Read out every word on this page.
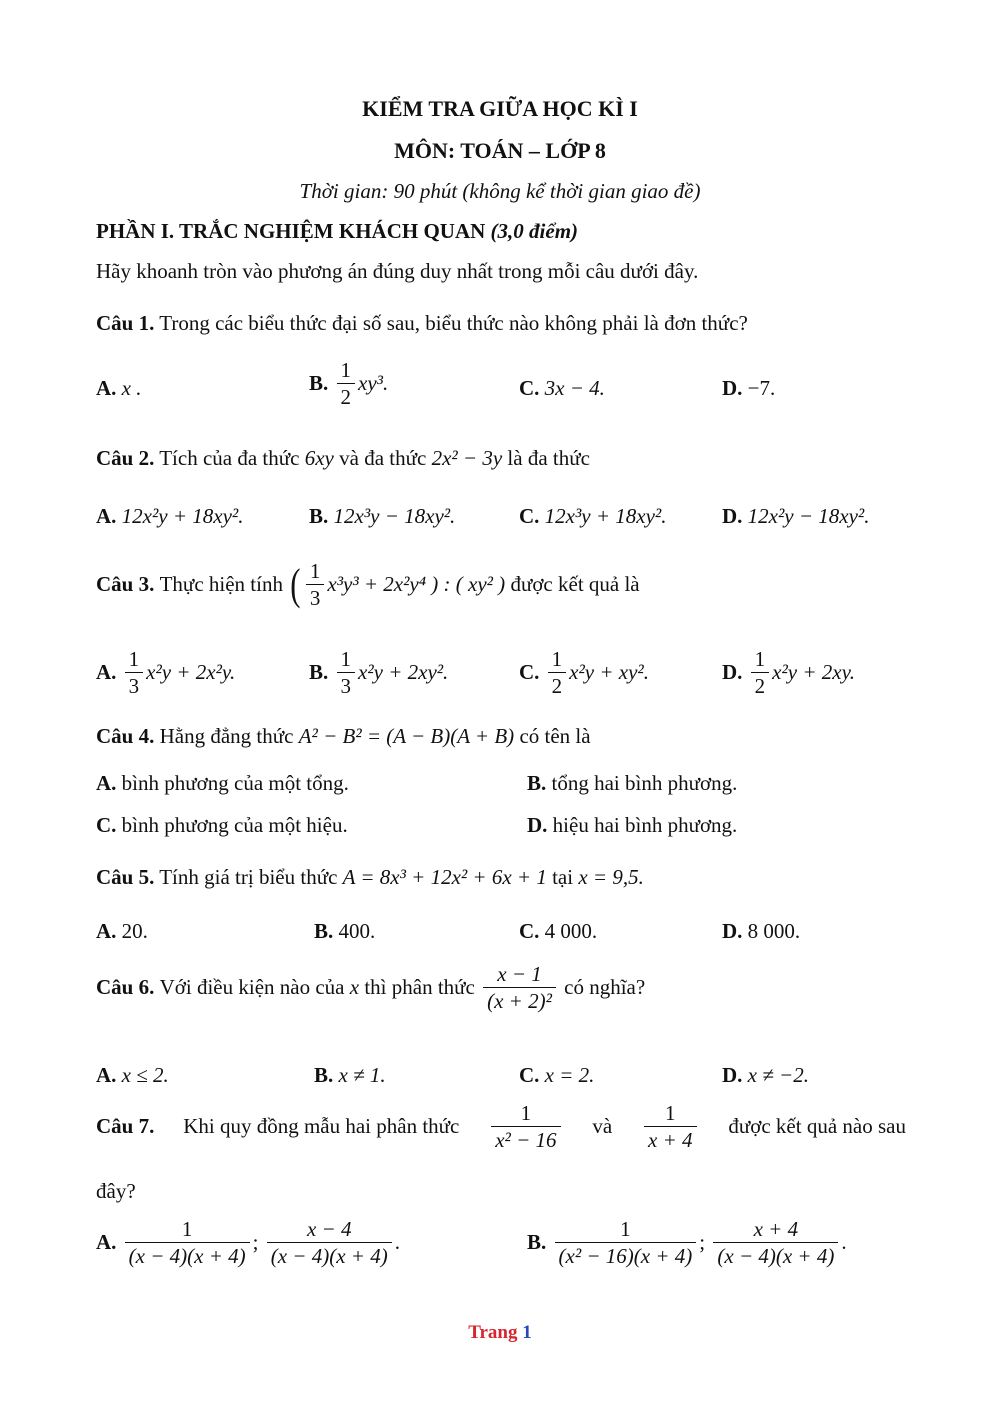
KIỂM TRA GIỮA HỌC KÌ I
MÔN: TOÁN – LỚP 8
Thời gian: 90 phút (không kể thời gian giao đề)
PHẦN I. TRẮC NGHIỆM KHÁCH QUAN (3,0 điểm)
Hãy khoanh tròn vào phương án đúng duy nhất trong mỗi câu dưới đây.
Câu 1. Trong các biểu thức đại số sau, biểu thức nào không phải là đơn thức?
A. x .	B. $\frac{1}{2} xy^3$.	C. 3x − 4.	D. −7.
Câu 2. Tích của đa thức 6xy và đa thức 2x² − 3y là đa thức
A. 12x²y + 18xy².	B. 12x³y − 18xy².	C. 12x³y + 18xy².	D. 12x²y − 18xy².
Câu 3. Thực hiện tính ( $\frac{1}{3} x^3y^3 + 2x^2y^4$ ) : ( xy² ) được kết quả là
A. $\frac{1}{3} x^2y + 2x^2y$.	B. $\frac{1}{3} x^2y + 2xy^2$.	C. $\frac{1}{2} x^2y + xy^2$.	D. $\frac{1}{2} x^2y + 2xy$.
Câu 4. Hằng đẳng thức A² − B² = (A − B)(A + B) có tên là
A. bình phương của một tổng.	B. tổng hai bình phương.
C. bình phương của một hiệu.	D. hiệu hai bình phương.
Câu 5. Tính giá trị biểu thức A = 8x³ + 12x² + 6x + 1 tại x = 9,5.
A. 20.	B. 400.	C. 4 000.	D. 8 000.
Câu 6. Với điều kiện nào của x thì phân thức $\frac{x - 1}{\text{(x + 2)²}}$ có nghĩa?
A. x ≤ 2.	B. x ≠ 1.	C. x = 2.	D. x ≠ −2.
Câu 7. Khi quy đồng mẫu hai phân thức $\frac{1}{\text{x² − 16}}$ và $\frac{1}{x + 4}$ được kết quả nào sau
đây?
A. $\frac{1}{(x - 4)(x + 4)}$ ; $\frac{x - 4}{(x - 4)(x + 4)}$ .	B. $\frac{1}{\text{(x² − 16)(x + 4)}}$ ; $\frac{x + 4}{(x - 4)(x + 4)}$ .
Trang 1
